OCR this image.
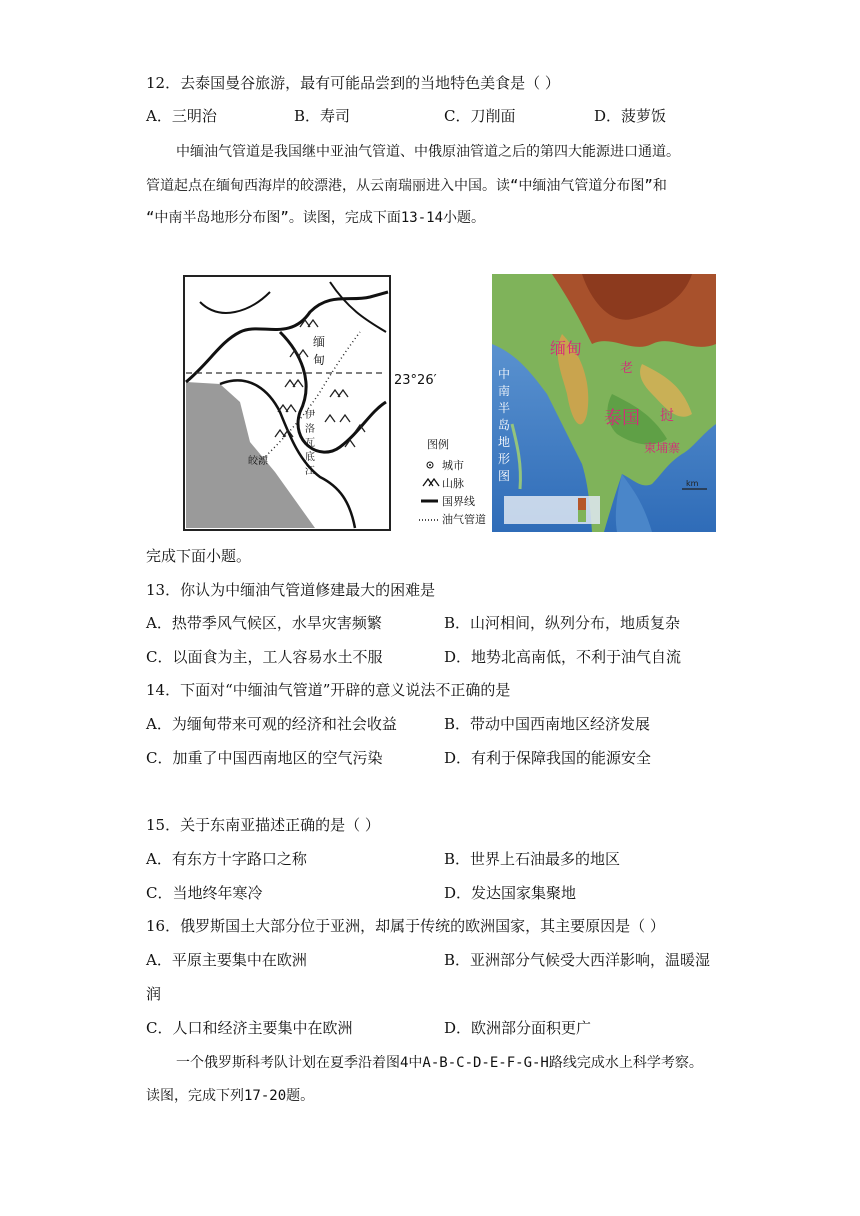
12．去泰国曼谷旅游，最有可能品尝到的当地特色美食是（ ）
A．三明治	B．寿司	C．刀削面	D．菠萝饭
中缅油气管道是我国继中亚油气管道、中俄原油管道之后的第四大能源进口通道。
管道起点在缅甸西海岸的皎漂港，从云南瑞丽进入中国。读“中缅油气管道分布图”和
“中南半岛地形分布图”。读图，完成下面13-14小题。
缅
甸
伊
洛
瓦
底
江
23°26′
皎漂
图例
城市
山脉
国界线
油气管道
中
南
半
岛
地
形
图
缅甸
老
泰国 挝
柬埔寨
km
完成下面小题。
13．你认为中缅油气管道修建最大的困难是
A．热带季风气候区，水旱灾害频繁	B．山河相间，纵列分布，地质复杂
C．以面食为主，工人容易水土不服	D．地势北高南低，不利于油气自流
14．下面对“中缅油气管道”开辟的意义说法不正确的是
A．为缅甸带来可观的经济和社会收益	B．带动中国西南地区经济发展
C．加重了中国西南地区的空气污染	D．有利于保障我国的能源安全
15．关于东南亚描述正确的是（ ）
A．有东方十字路口之称	B．世界上石油最多的地区
C．当地终年寒冷	D．发达国家集聚地
16．俄罗斯国土大部分位于亚洲，却属于传统的欧洲国家，其主要原因是（ ）
A．平原主要集中在欧洲	B．亚洲部分气候受大西洋影响，温暖湿
润
C．人口和经济主要集中在欧洲	D．欧洲部分面积更广
一个俄罗斯科考队计划在夏季沿着图4中A-B-C-D-E-F-G-H路线完成水上科学考察。
读图，完成下列17-20题。
